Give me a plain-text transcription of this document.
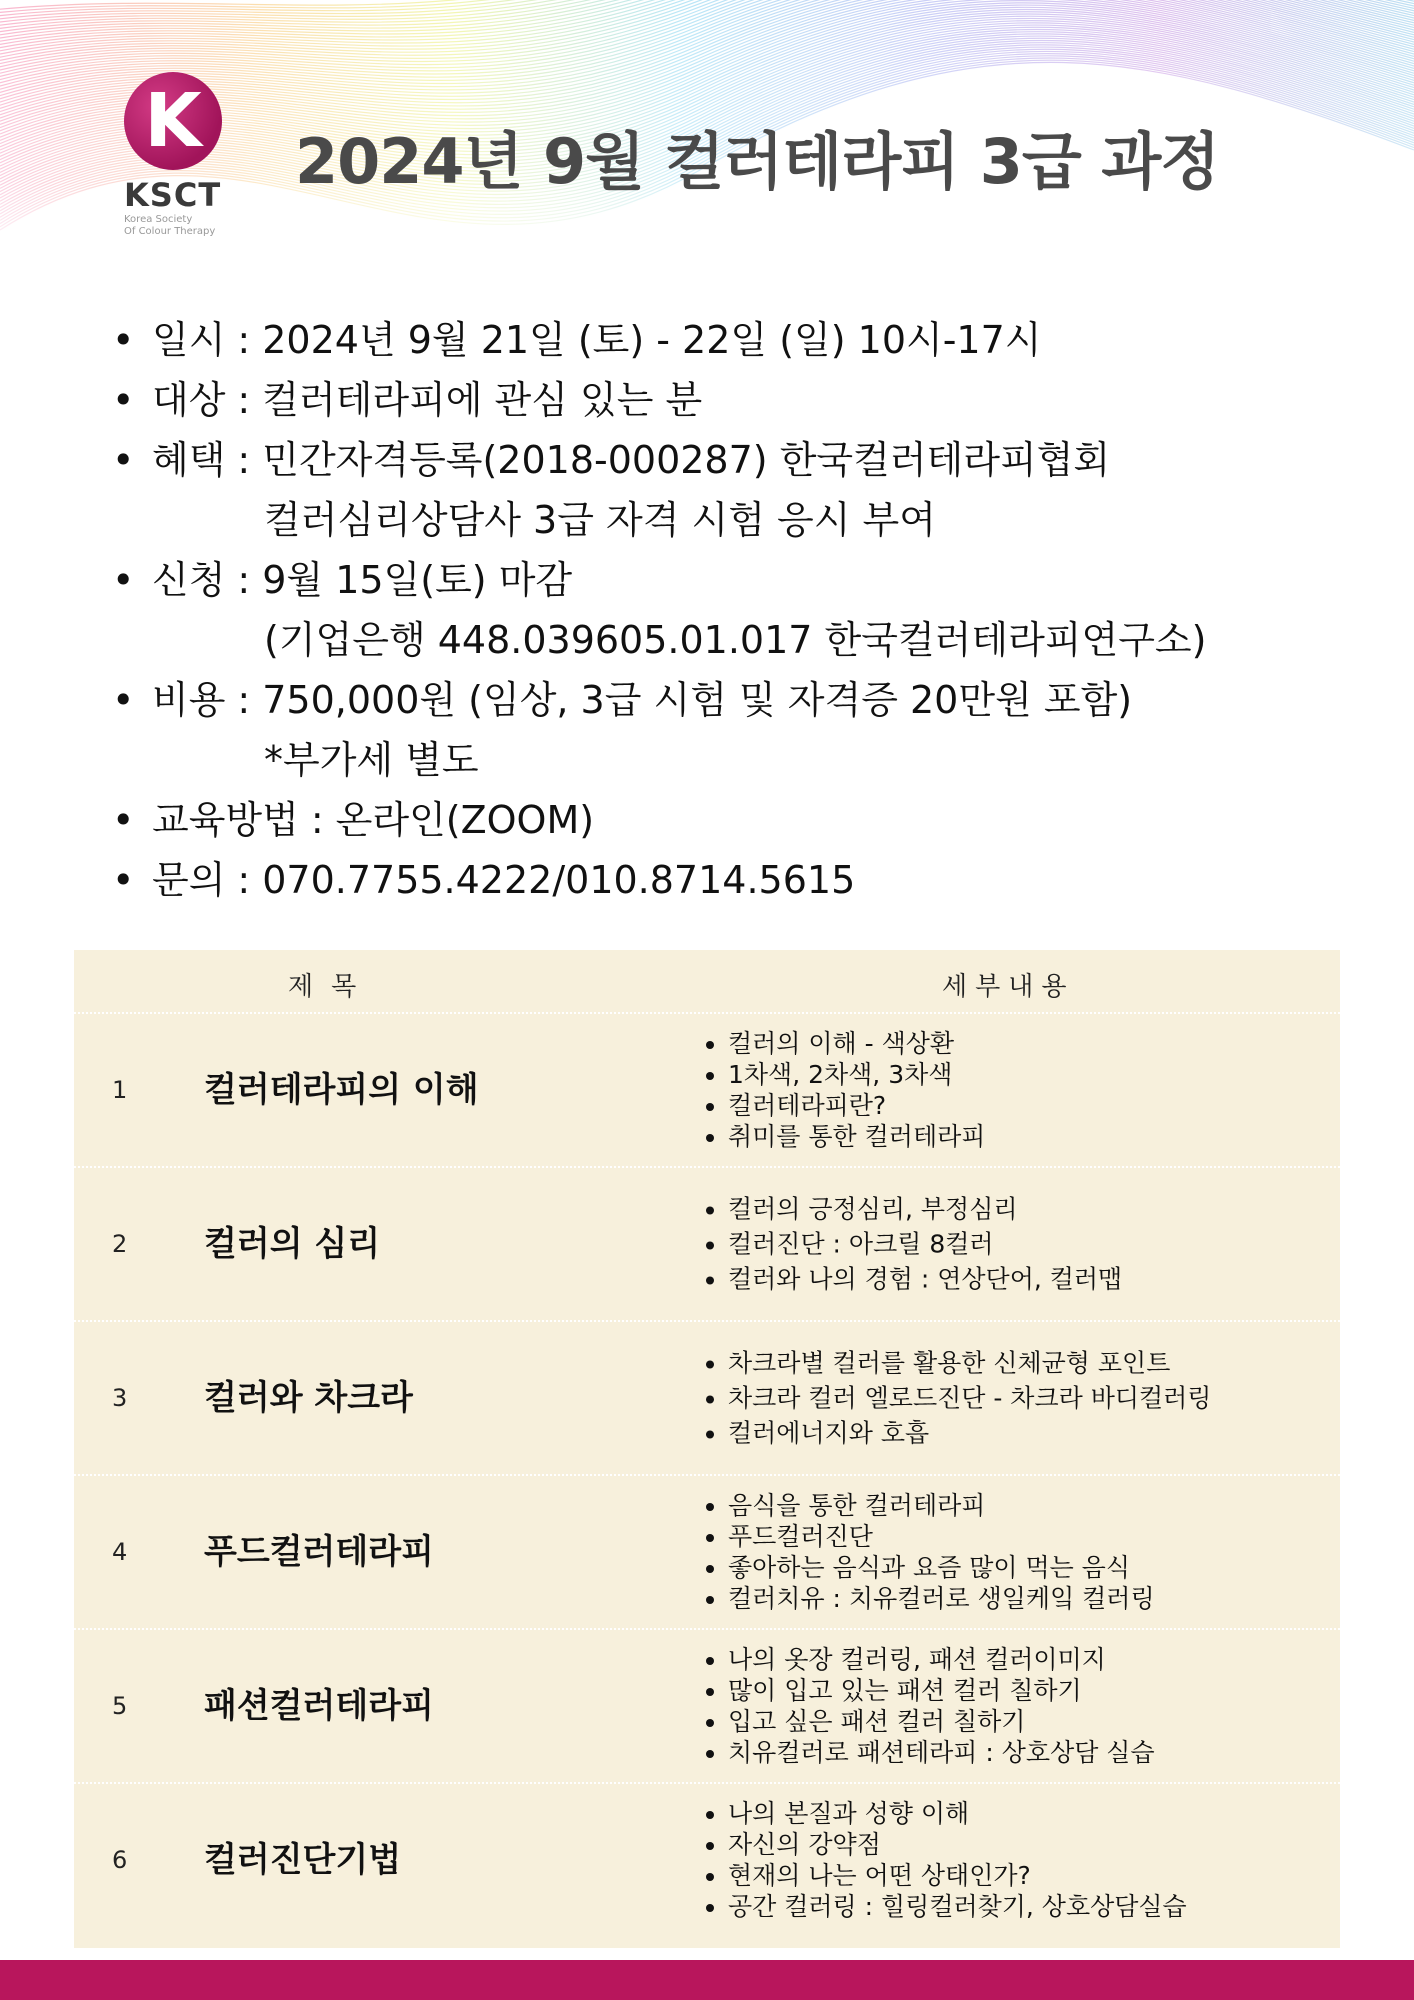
K
KSCT
Korea Society
Of Colour Therapy
2024년 9월 컬러테라피 3급 과정
• 일시 : 2024년 9월 21일 (토) - 22일 (일) 10시-17시
• 대상 : 컬러테라피에 관심 있는 분
• 혜택 : 민간자격등록(2018-000287) 한국컬러테라피협회
컬러심리상담사 3급 자격 시험 응시 부여
• 신청 : 9월 15일(토) 마감
(기업은행 448.039605.01.017 한국컬러테라피연구소)
• 비용 : 750,000원 (임상, 3급 시험 및 자격증 20만원 포함)
*부가세 별도
• 교육방법 : 온라인(ZOOM)
• 문의 : 070.7755.4222/010.8714.5615
제목	세부내용
1 컬러테라피의 이해
• 컬러의 이해 - 색상환
• 1차색, 2차색, 3차색
• 컬러테라피란?
• 취미를 통한 컬러테라피
2 컬러의 심리
• 컬러의 긍정심리, 부정심리
• 컬러진단 : 아크릴 8컬러
• 컬러와 나의 경험 : 연상단어, 컬러맵
3 컬러와 차크라
• 차크라별 컬러를 활용한 신체균형 포인트
• 차크라 컬러 엘로드진단 - 차크라 바디컬러링
• 컬러에너지와 호흡
4 푸드컬러테라피
• 음식을 통한 컬러테라피
• 푸드컬러진단
• 좋아하는 음식과 요즘 많이 먹는 음식
• 컬러치유 : 치유컬러로 생일케잌 컬러링
5 패션컬러테라피
• 나의 옷장 컬러링, 패션 컬러이미지
• 많이 입고 있는 패션 컬러 칠하기
• 입고 싶은 패션 컬러 칠하기
• 치유컬러로 패션테라피 : 상호상담 실습
6 컬러진단기법
• 나의 본질과 성향 이해
• 자신의 강약점
• 현재의 나는 어떤 상태인가?
• 공간 컬러링 : 힐링컬러찾기, 상호상담실습
